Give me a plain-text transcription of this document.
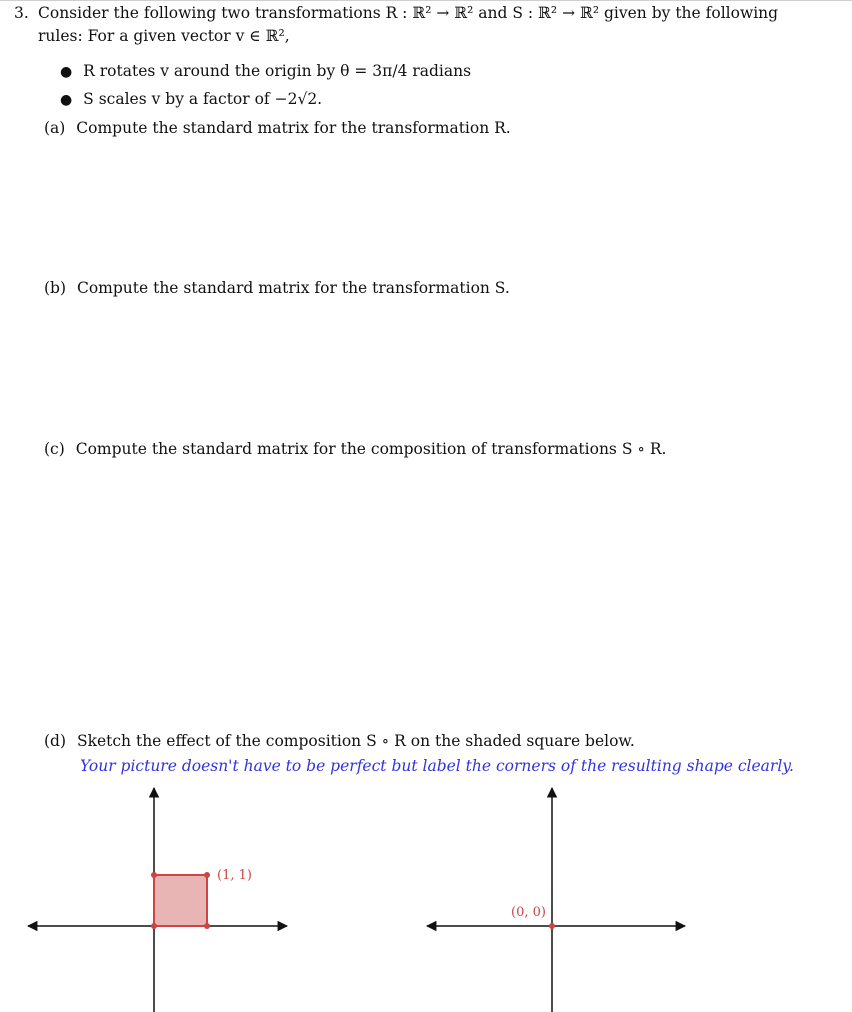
3. Consider the following two transformations R : ℝ² → ℝ² and S : ℝ² → ℝ² given by the following
rules: For a given vector v ∈ ℝ²,
● R rotates v around the origin by θ = 3π/4 radians
● S scales v by a factor of −2√2.
(a) Compute the standard matrix for the transformation R.
(b) Compute the standard matrix for the transformation S.
(c) Compute the standard matrix for the composition of transformations S ∘ R.
(d) Sketch the effect of the composition S ∘ R on the shaded square below.
Your picture doesn't have to be perfect but label the corners of the resulting shape clearly.
(1, 1)
(0, 0)
